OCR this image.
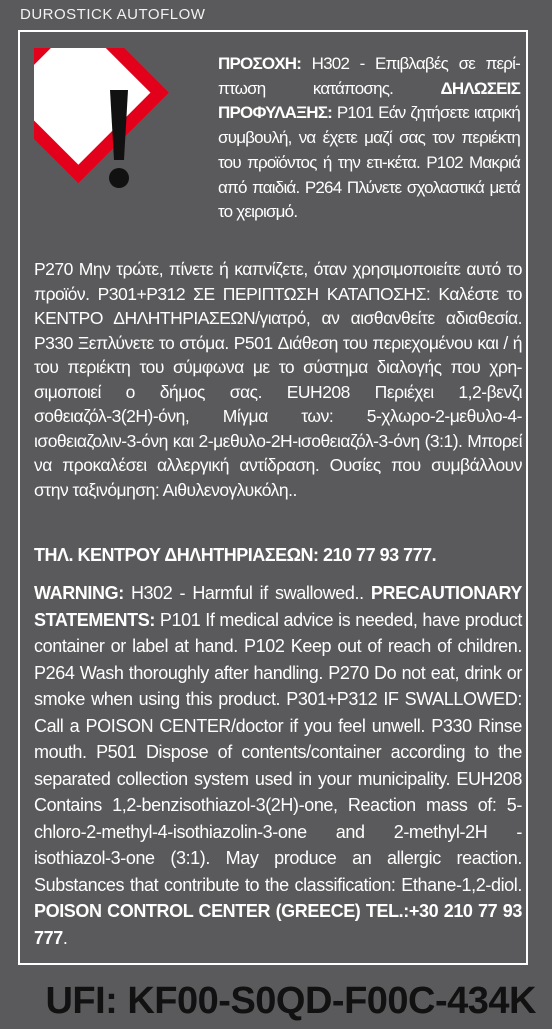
DUROSTICK AUTOFLOW
ΠΡΟΣΟΧΗ: H302 - Επιβλαβές σε περί-πτωση κατάποσης.	ΔΗΛΩΣΕΙΣ ΠΡΟΦΥΛΑΞΗΣ: P101 Εάν ζητήσετε ιατρική συμβουλή, να έχετε μαζί σας τον περιέκτη του προϊόντος ή την ετι-κέτα. P102 Μακριά από παιδιά. P264 Πλύνετε σχολαστικά μετά το χειρισμό.
P270 Μην τρώτε, πίνετε ή καπνίζετε, όταν χρησιμοποιείτε αυτό το προϊόν. P301+P312 ΣΕ ΠΕΡΙΠΤΩΣΗ ΚΑΤΑΠΟΣΗΣ: Καλέστε το ΚΕΝΤΡΟ ΔΗΛΗΤΗΡΙΑΣΕΩΝ/γιατρό, αν αισθανθείτε αδιαθεσία. P330 Ξεπλύνετε το στόμα. P501 Διάθεση του περιεχομένου και / ή του περιέκτη του σύμφωνα με το σύστημα διαλογής που χρη-σιμοποιεί ο δήμος σας. EUH208 Περιέχει 1,2-βενζι σοθειαζόλ-3(2H)-όνη, Μίγμα των: 5-χλωρο-2-μεθυλο-4-ισοθειαζολιν-3-όνη και 2-μεθυλο-2H-ισοθειαζόλ-3-όνη (3:1). Μπορεί να προκαλέσει αλλεργική αντίδραση. Ουσίες που συμβάλλουν στην ταξινόμηση: Αιθυλενογλυκόλη..
ΤΗΛ. ΚΕΝΤΡΟΥ ΔΗΛΗΤΗΡΙΑΣΕΩΝ: 210 77 93 777.
WARNING: H302 - Harmful if swallowed.. PRECAUTIONARY STATEMENTS: P101 If medical advice is needed, have product container or label at hand. P102 Keep out of reach of children. P264 Wash thoroughly after handling. P270 Do not eat, drink or smoke when using this product. P301+P312 IF SWALLOWED: Call a POISON CENTER/doctor if you feel unwell. P330 Rinse mouth. P501 Dispose of contents/container according to the separated collection system used in your municipality. EUH208 Contains 1,2-benzisothiazol-3(2H)-one, Reaction mass of: 5-chloro-2-methyl-4-isothiazolin-3-one and 2-methyl-2H -isothiazol-3-one (3:1). May produce an allergic reaction. Substances that contribute to the classification: Ethane-1,2-diol. POISON CONTROL CENTER (GREECE) TEL.:+30 210 77 93 777.
UFI: KF00-S0QD-F00C-434K
